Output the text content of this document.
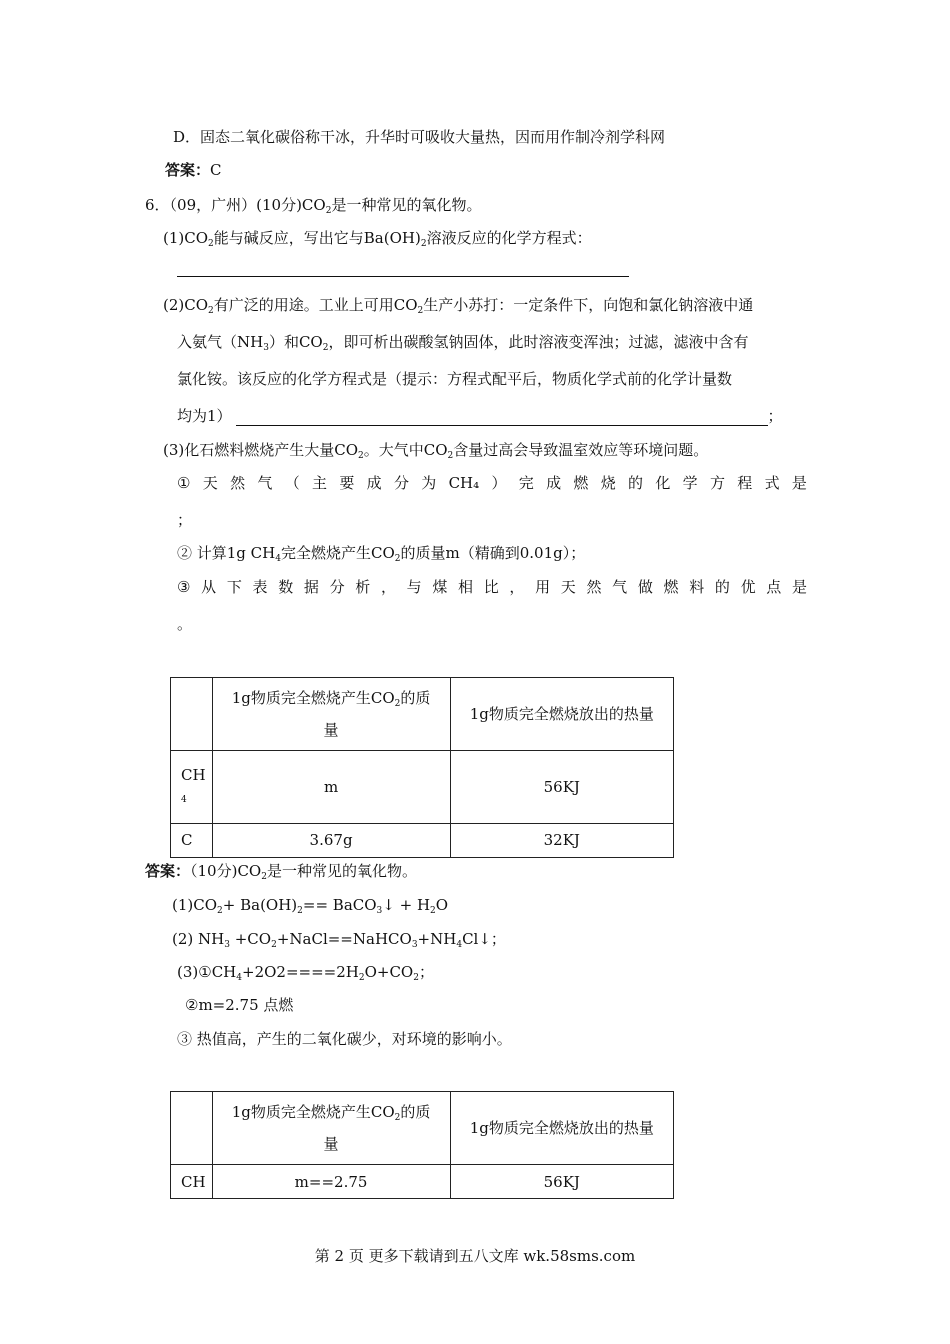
D．固态二氧化碳俗称干冰，升华时可吸收大量热，因而用作制冷剂学科网
答案：C
6．（09，广州）(10分)$CO_2$是一种常见的氧化物。
$(1)CO_2$能与碱反应，写出它与$Ba(OH)_2$溶液反应的化学方程式：
$(2)CO_2$有广泛的用途。工业上可用$CO_2$生产小苏打：一定条件下，向饱和氯化钠溶液中通
入氨气$(NH_3)$和$CO_2$，即可析出碳酸氢钠固体，此时溶液变浑浊；过滤，滤液中含有
氯化铵。该反应的化学方程式是（提示：方程式配平后，物质化学式前的化学计量数
均为1）	；
(3)化石燃料燃烧产生大量$CO_2$。大气中$CO_2$含量过高会导致温室效应等环境问题。
① 天 然 气 （ 主 要 成 分 为 CH₄ ） 完 成 燃 烧 的 化 学 方 程 式 是
；
② 计算1g $CH_4$完全燃烧产生$CO_2$的质量m（精确到0.01g）；
③ 从 下 表 数 据 分 析 ， 与 煤 相 比 ， 用 天 然 气 做 燃 料 的 优 点 是
。
	1g物质完全燃烧产生$CO_2$的质
量	1g物质完全燃烧放出的热量
CH
4	m	56KJ
C	3.67g	32KJ
答案：（10分)$CO_2$是一种常见的氧化物。
$(1)CO_2+ Ba(OH)_2==$ BaCO$_3$↓ + $H_2O$
(2) $NH_3$ $+CO_2+NaCl==NaHCO_3+NH_4Cl↓$；
$(3)①CH_4+2O2====2H_2O+CO_2$；
②m=2.75 点燃
③ 热值高，产生的二氧化碳少，对环境的影响小。
	1g物质完全燃烧产生$CO_2$的质
量	1g物质完全燃烧放出的热量
CH	m==2.75	56KJ
第 2 页 更多下载请到五八文库 wk.58sms.com
